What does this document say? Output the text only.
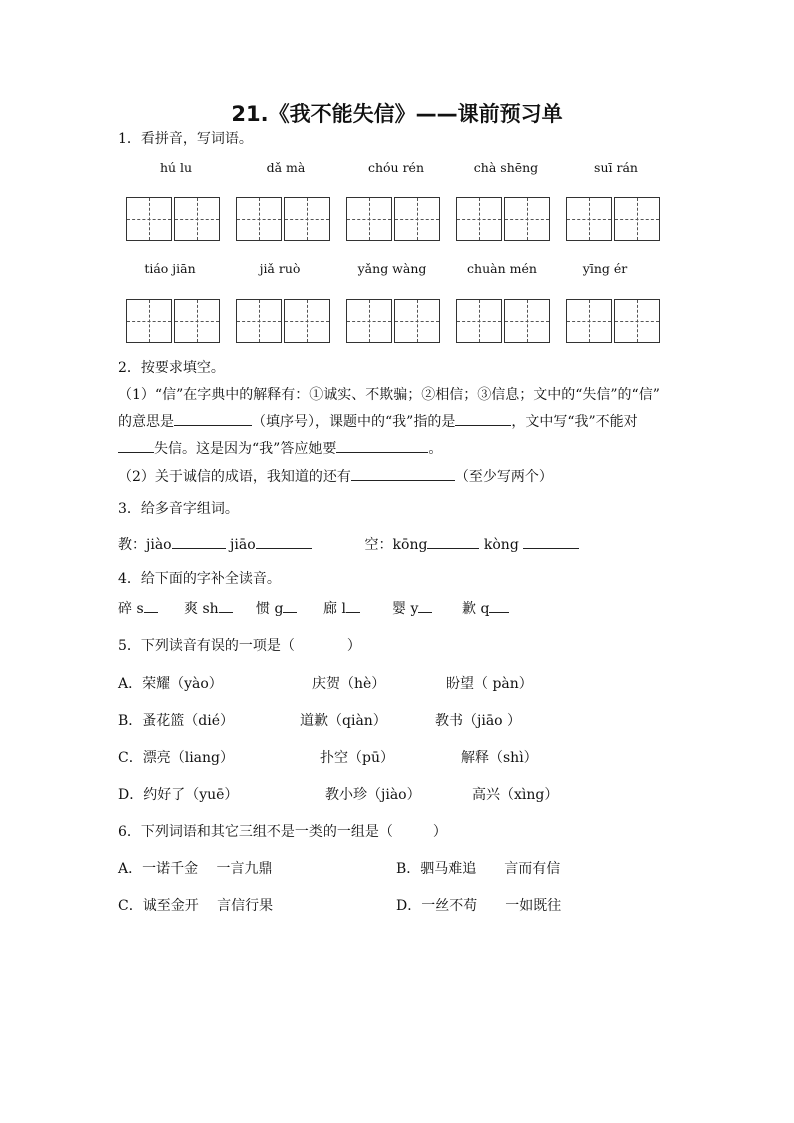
21.《我不能失信》——课前预习单
1．看拼音，写词语。
hú lu	dǎ mà	chóu rén	chà shēng	suī rán
tiáo jiān	jiǎ ruò	yǎng wàng	chuàn mén	yīng ér
2．按要求填空。
（1）“信”在字典中的解释有：①诚实、不欺骗；②相信；③信息；文中的“失信”的“信”
的意思是	（填序号），课题中的“我”指的是	，文中写“我”不能对
失信。这是因为“我”答应她要	。
（2）关于诚信的成语，我知道的还有	（至少写两个）
3．给多音字组词。
教：jiào	jiāo	空：kōng	kòng
4．给下面的字补全读音。
碎 s	爽 sh	惯 g	廊 l	婴 y	歉 q
5．下列读音有误的一项是（	）
A．荣耀（yào）	庆贺（hè）	盼望（ pàn）
B．蚤花篮（dié）	道歉（qiàn）	教书（jiāo ）
C．漂亮（liang）	扑空（pū）	解释（shì）
D．约好了（yuē）	教小珍（jiào）	高兴（xìng）
6．下列词语和其它三组不是一类的一组是（	）
A．一诺千金　 一言九鼎	B．驷马难追　　言而有信
C．诚至金开　 言信行果	D．一丝不苟　　一如既往
